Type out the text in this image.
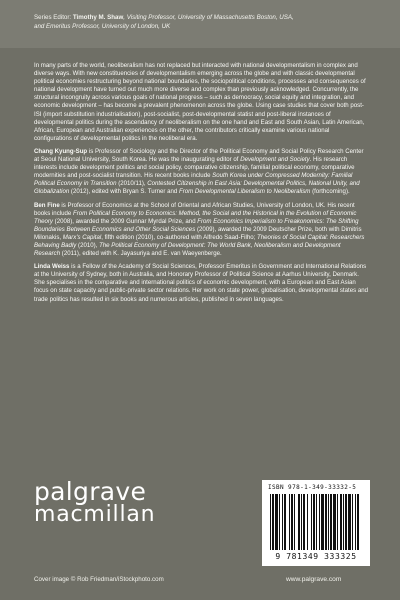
Series Editor: Timothy M. Shaw, Visiting Professor, University of Massachusetts Boston, USA,
and Emeritus Professor, University of London, UK

In many parts of the world, neoliberalism has not replaced but interacted with national developmentalism in complex and diverse ways. With new constituencies of developmentalism emerging across the globe and with classic developmental political economies restructuring beyond national boundaries, the sociopolitical conditions, processes and consequences of national development have turned out much more diverse and complex than previously acknowledged. Concurrently, the structural incongruity across various goals of national progress – such as democracy, social equity and integration, and economic development – has become a prevalent phenomenon across the globe. Using case studies that cover both post-ISI (import substitution industrialisation), post-socialist, post-developmental statist and post-liberal instances of developmental politics during the ascendancy of neoliberalism on the one hand and East and South Asian, Latin American, African, European and Australian experiences on the other, the contributors critically examine various national configurations of developmental politics in the neoliberal era.

Chang Kyung-Sup is Professor of Sociology and the Director of the Political Economy and Social Policy Research Center at Seoul National University, South Korea. He was the inaugurating editor of Development and Society. His research interests include development politics and social policy, comparative citizenship, familial political economy, comparative modernities and post-socialist transition. His recent books include South Korea under Compressed Modernity: Familial Political Economy in Transition (2010/11), Contested Citizenship in East Asia: Developmental Politics, National Unity, and Globalization (2012), edited with Bryan S. Turner and From Developmental Liberalism to Neoliberalism (forthcoming).

Ben Fine is Professor of Economics at the School of Oriental and African Studies, University of London, UK. His recent books include From Political Economy to Economics: Method, the Social and the Historical in the Evolution of Economic Theory (2008), awarded the 2009 Gunnar Myrdal Prize, and From Economics Imperialism to Freakonomics: The Shifting Boundaries Between Economics and Other Social Sciences (2009), awarded the 2009 Deutscher Prize, both with Dimitris Milonakis, Marx's Capital, fifth edition (2010), co-authored with Alfredo Saad-Filho; Theories of Social Capital: Researchers Behaving Badly (2010), The Political Economy of Development: The World Bank, Neoliberalism and Development Research (2011), edited with K. Jayasuriya and E. van Waeyenberge.

Linda Weiss is a Fellow of the Academy of Social Sciences, Professor Emeritus in Government and International Relations at the University of Sydney, both in Australia, and Honorary Professor of Political Science at Aarhus University, Denmark. She specialises in the comparative and international politics of economic development, with a European and East Asian focus on state capacity and public-private sector relations. Her work on state power, globalisation, developmental states and trade politics has resulted in six books and numerous articles, published in seven languages.

palgrave
macmillan
ISBN 978-1-349-33332-5
9 781349 333325
Cover image © Rob Friedman/iStockphoto.com	www.palgrave.com
